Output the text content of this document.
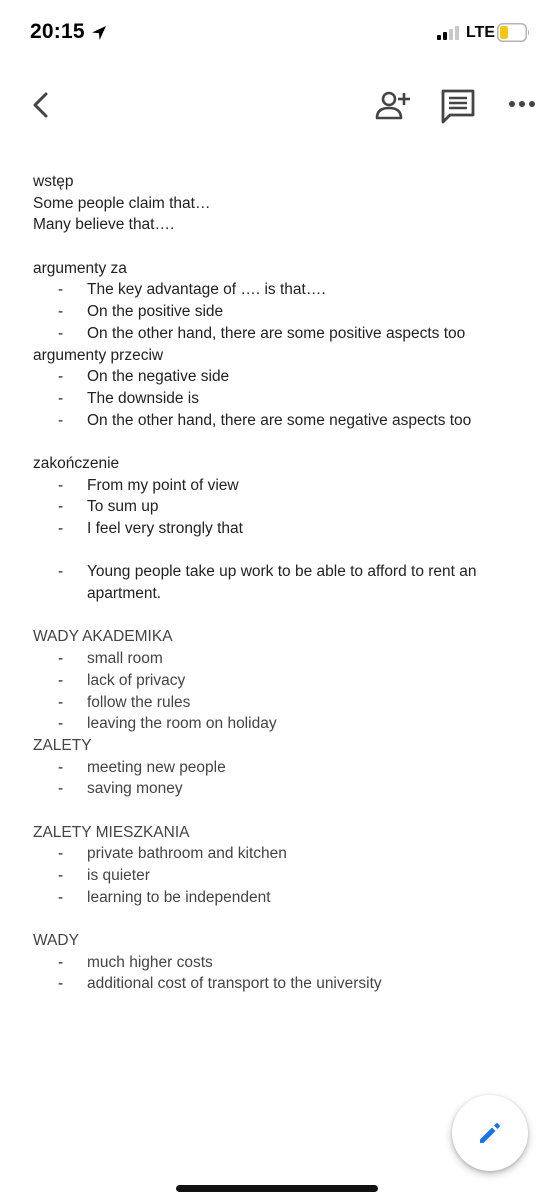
20:15	LTE
wstęp
Some people claim that…
Many believe that….
argumenty za
- The key advantage of …. is that….
- On the positive side
- On the other hand, there are some positive aspects too
argumenty przeciw
- On the negative side
- The downside is
- On the other hand, there are some negative aspects too
zakończenie
- From my point of view
- To sum up
- I feel very strongly that
- Young people take up work to be able to afford to rent an apartment.
WADY AKADEMIKA
- small room
- lack of privacy
- follow the rules
- leaving the room on holiday
ZALETY
- meeting new people
- saving money
ZALETY MIESZKANIA
- private bathroom and kitchen
- is quieter
- learning to be independent
WADY
- much higher costs
- additional cost of transport to the university
